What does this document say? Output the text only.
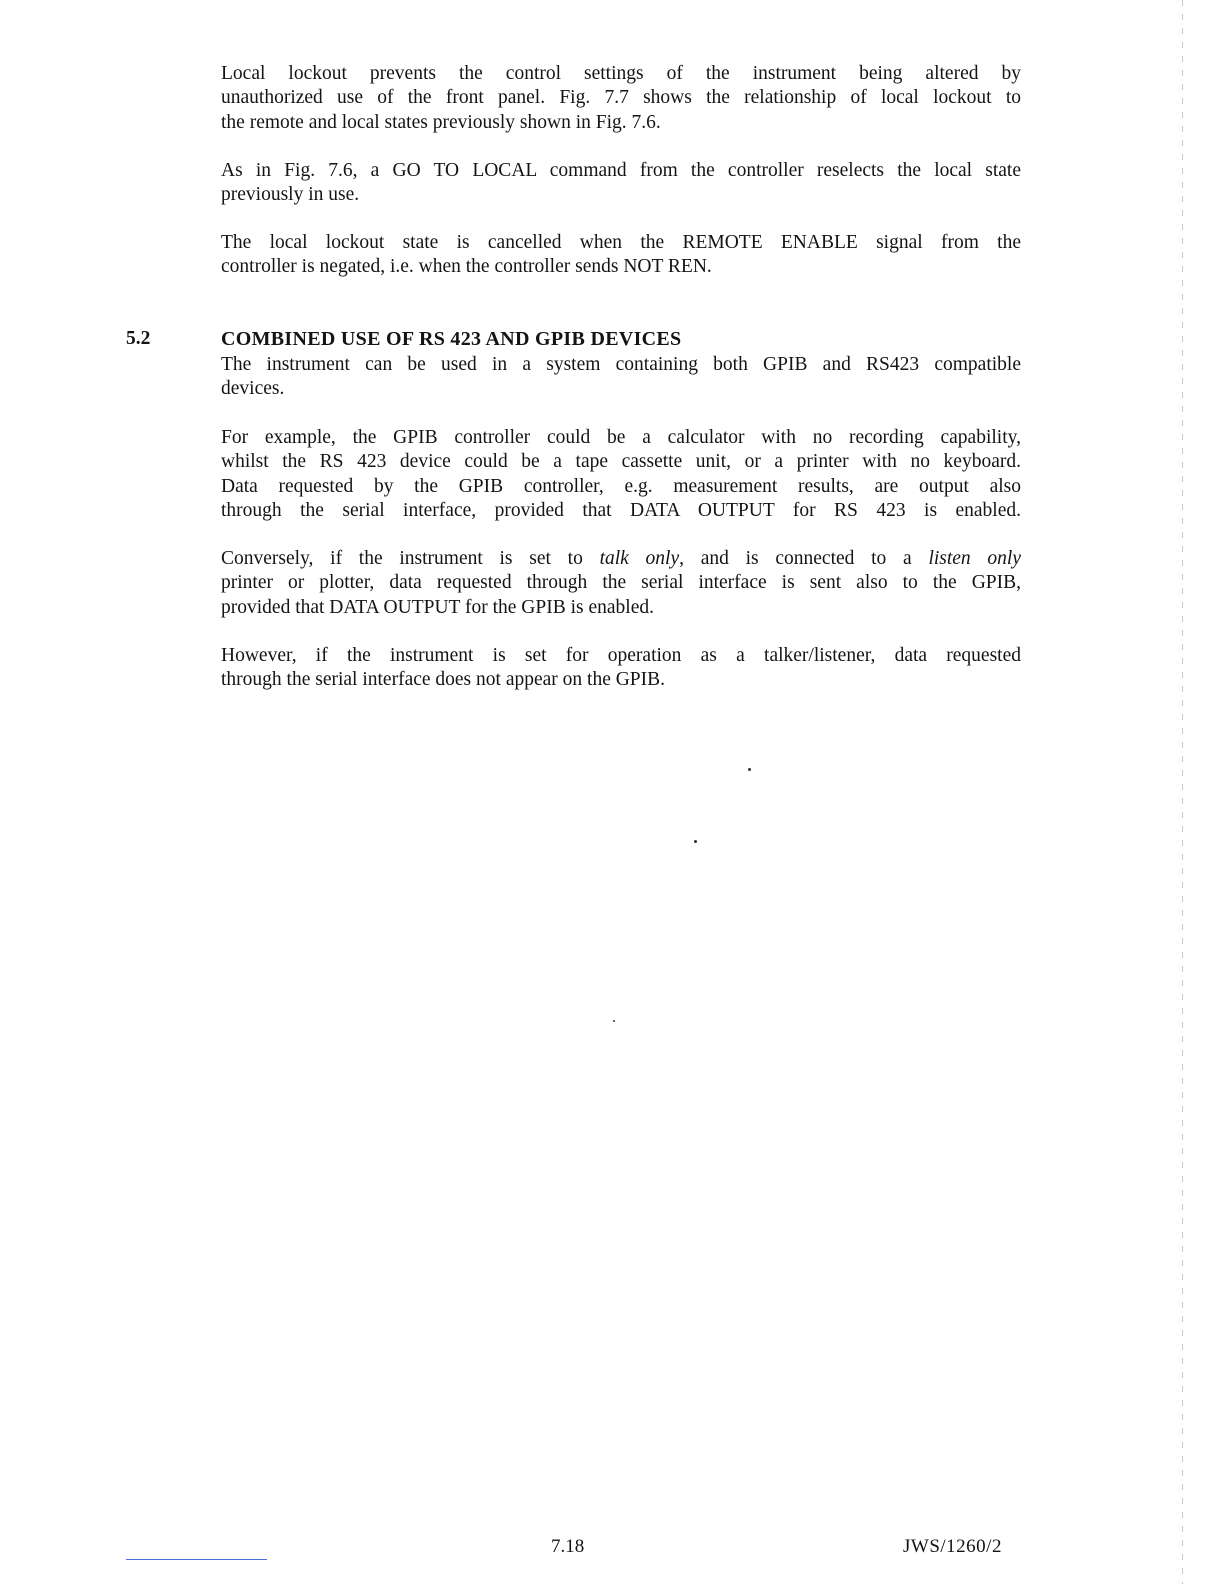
Local lockout prevents the control settings of the instrument being altered by
unauthorized use of the front panel. Fig. 7.7 shows the relationship of local lockout to
the remote and local states previously shown in Fig. 7.6.
As in Fig. 7.6, a GO TO LOCAL command from the controller reselects the local state
previously in use.
The local lockout state is cancelled when the REMOTE ENABLE signal from the
controller is negated, i.e. when the controller sends NOT REN.
5.2	COMBINED USE OF RS 423 AND GPIB DEVICES
The instrument can be used in a system containing both GPIB and RS423 compatible
devices.
For example, the GPIB controller could be a calculator with no recording capability,
whilst the RS 423 device could be a tape cassette unit, or a printer with no keyboard.
Data requested by the GPIB controller, e.g. measurement results, are output also
through the serial interface, provided that DATA OUTPUT for RS 423 is enabled.
Conversely, if the instrument is set to talk only, and is connected to a listen only
printer or plotter, data requested through the serial interface is sent also to the GPIB,
provided that DATA OUTPUT for the GPIB is enabled.
However, if the instrument is set for operation as a talker/listener, data requested
through the serial interface does not appear on the GPIB.
7.18	JWS/1260/2
